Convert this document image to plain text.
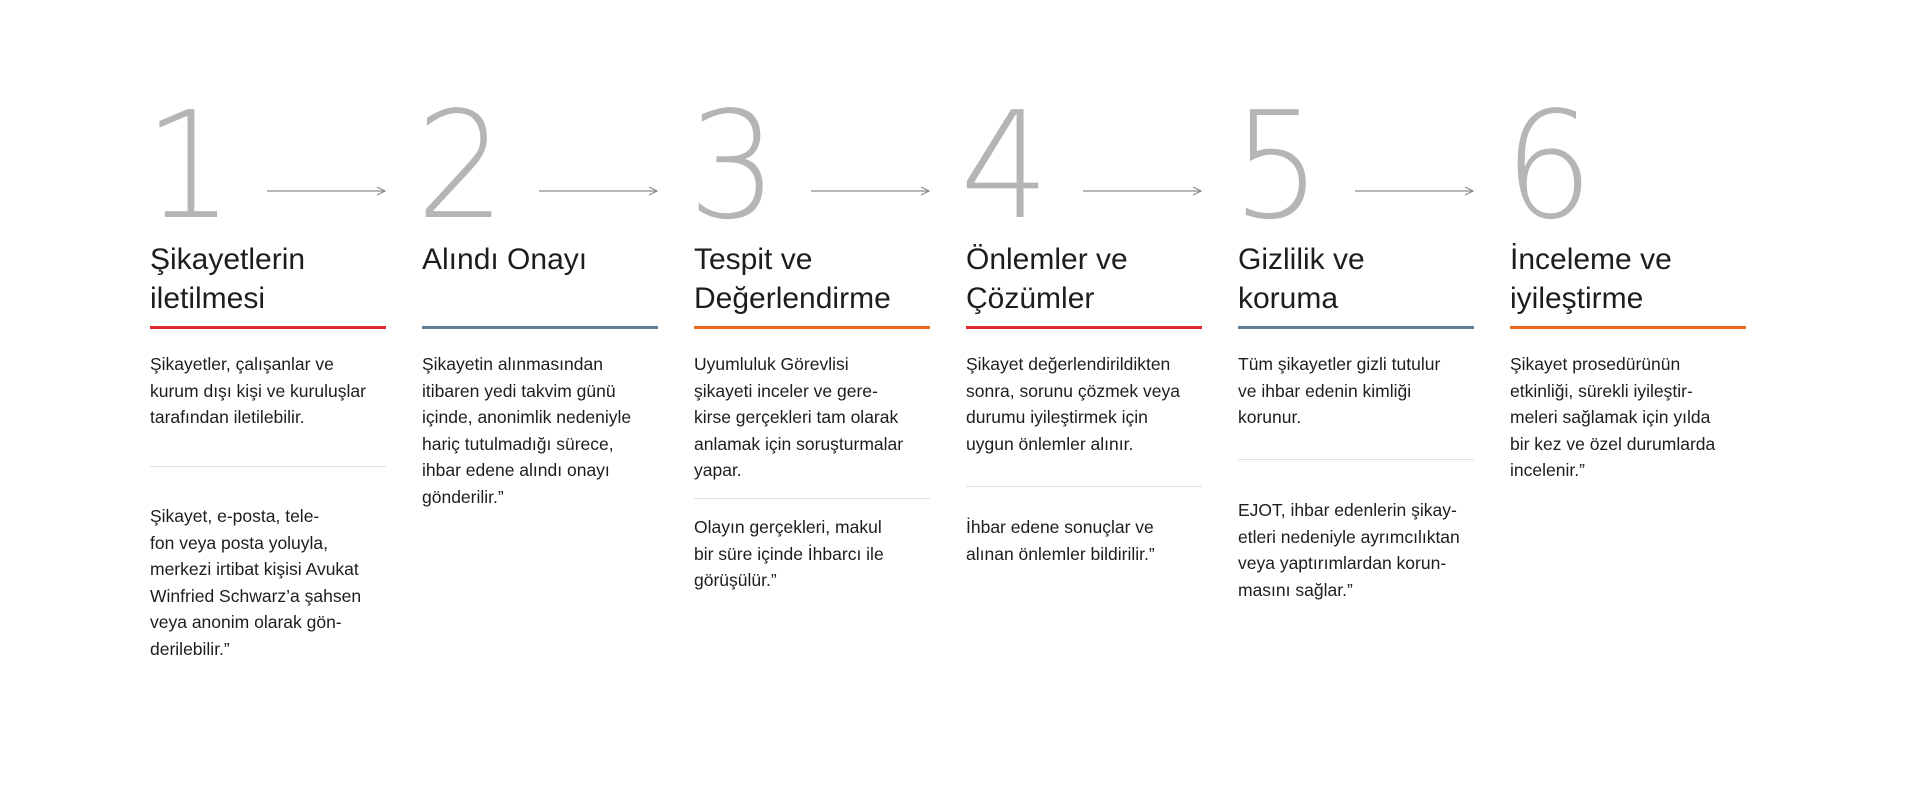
1
Şikayetlerin
iletilmesi
Şikayetler, çalışanlar ve
kurum dışı kişi ve kuruluşlar
tarafından iletilebilir.
Şikayet, e-posta, tele-
fon veya posta yoluyla,
merkezi irtibat kişisi Avukat
Winfried Schwarz’a şahsen
veya anonim olarak gön-
derilebilir.”
2
Alındı Onayı
Şikayetin alınmasından
itibaren yedi takvim günü
içinde, anonimlik nedeniyle
hariç tutulmadığı sürece,
ihbar edene alındı onayı
gönderilir.”
3
Tespit ve
Değerlendirme
Uyumluluk Görevlisi
şikayeti inceler ve gere-
kirse gerçekleri tam olarak
anlamak için soruşturmalar
yapar.
Olayın gerçekleri, makul
bir süre içinde İhbarcı ile
görüşülür.”
4
Önlemler ve
Çözümler
Şikayet değerlendirildikten
sonra, sorunu çözmek veya
durumu iyileştirmek için
uygun önlemler alınır.
İhbar edene sonuçlar ve
alınan önlemler bildirilir.”
5
Gizlilik ve
koruma
Tüm şikayetler gizli tutulur
ve ihbar edenin kimliği
korunur.
EJOT, ihbar edenlerin şikay-
etleri nedeniyle ayrımcılıktan
veya yaptırımlardan korun-
masını sağlar.”
6
İnceleme ve
iyileştirme
Şikayet prosedürünün
etkinliği, sürekli iyileştir-
meleri sağlamak için yılda
bir kez ve özel durumlarda
incelenir.”
